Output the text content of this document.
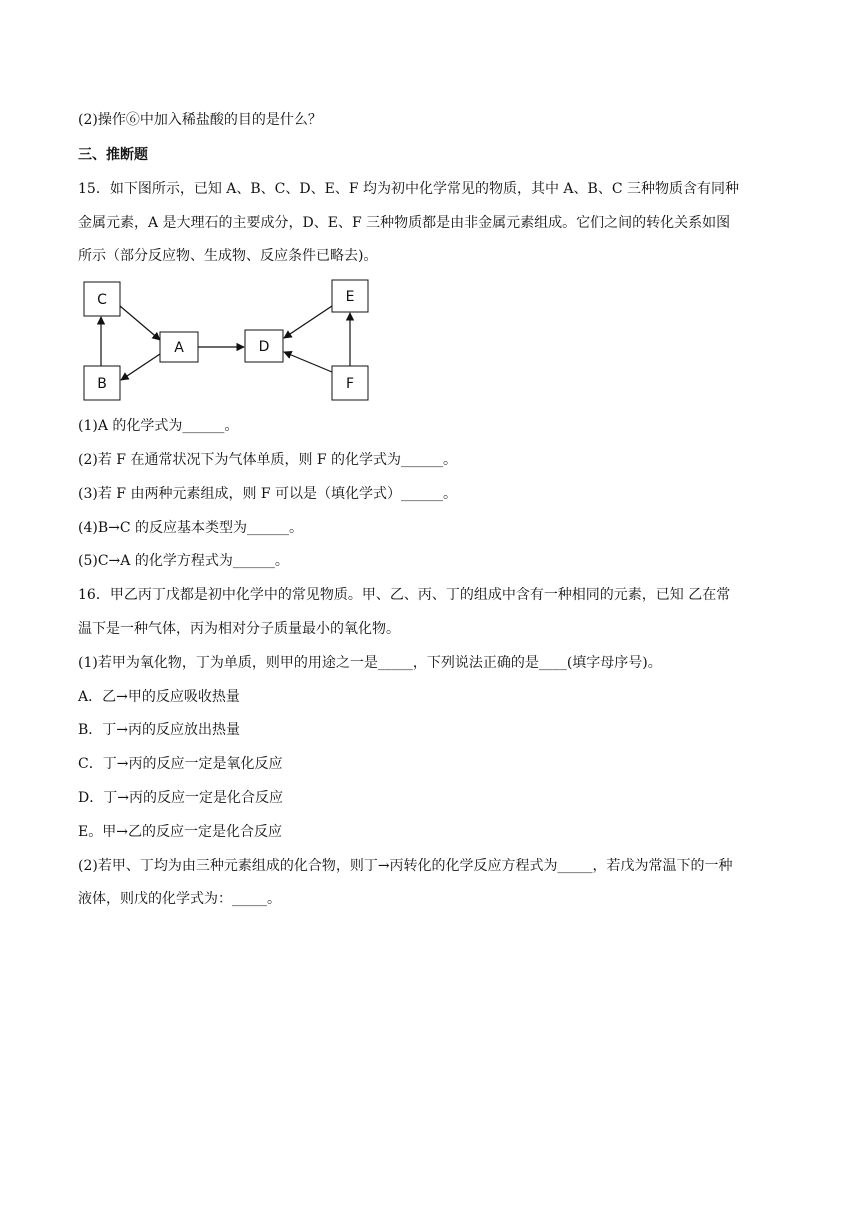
(2)操作⑥中加入稀盐酸的目的是什么？
三、推断题
15．如下图所示，已知 A、B、C、D、E、F 均为初中化学常见的物质，其中 A、B、C 三种物质含有同种
金属元素，A 是大理石的主要成分，D、E、F 三种物质都是由非金属元素组成。它们之间的转化关系如图
所示（部分反应物、生成物、反应条件已略去)。
C
B
A	D
E
F
(1)A 的化学式为______。
(2)若 F 在通常状况下为气体单质，则 F 的化学式为______。
(3)若 F 由两种元素组成，则 F 可以是（填化学式）______。
(4)B→C 的反应基本类型为______。
(5)C→A 的化学方程式为______。
16．甲乙丙丁戊都是初中化学中的常见物质。甲、乙、丙、丁的组成中含有一种相同的元素，已知 乙在常
温下是一种气体，丙为相对分子质量最小的氧化物。
(1)若甲为氧化物，丁为单质，则甲的用途之一是_____，下列说法正确的是____(填字母序号)。
A．乙→甲的反应吸收热量
B．丁→丙的反应放出热量
C．丁→丙的反应一定是氧化反应
D．丁→丙的反应一定是化合反应
E。甲→乙的反应一定是化合反应
(2)若甲、丁均为由三种元素组成的化合物，则丁→丙转化的化学反应方程式为_____，若戊为常温下的一种
液体，则戊的化学式为：_____。
